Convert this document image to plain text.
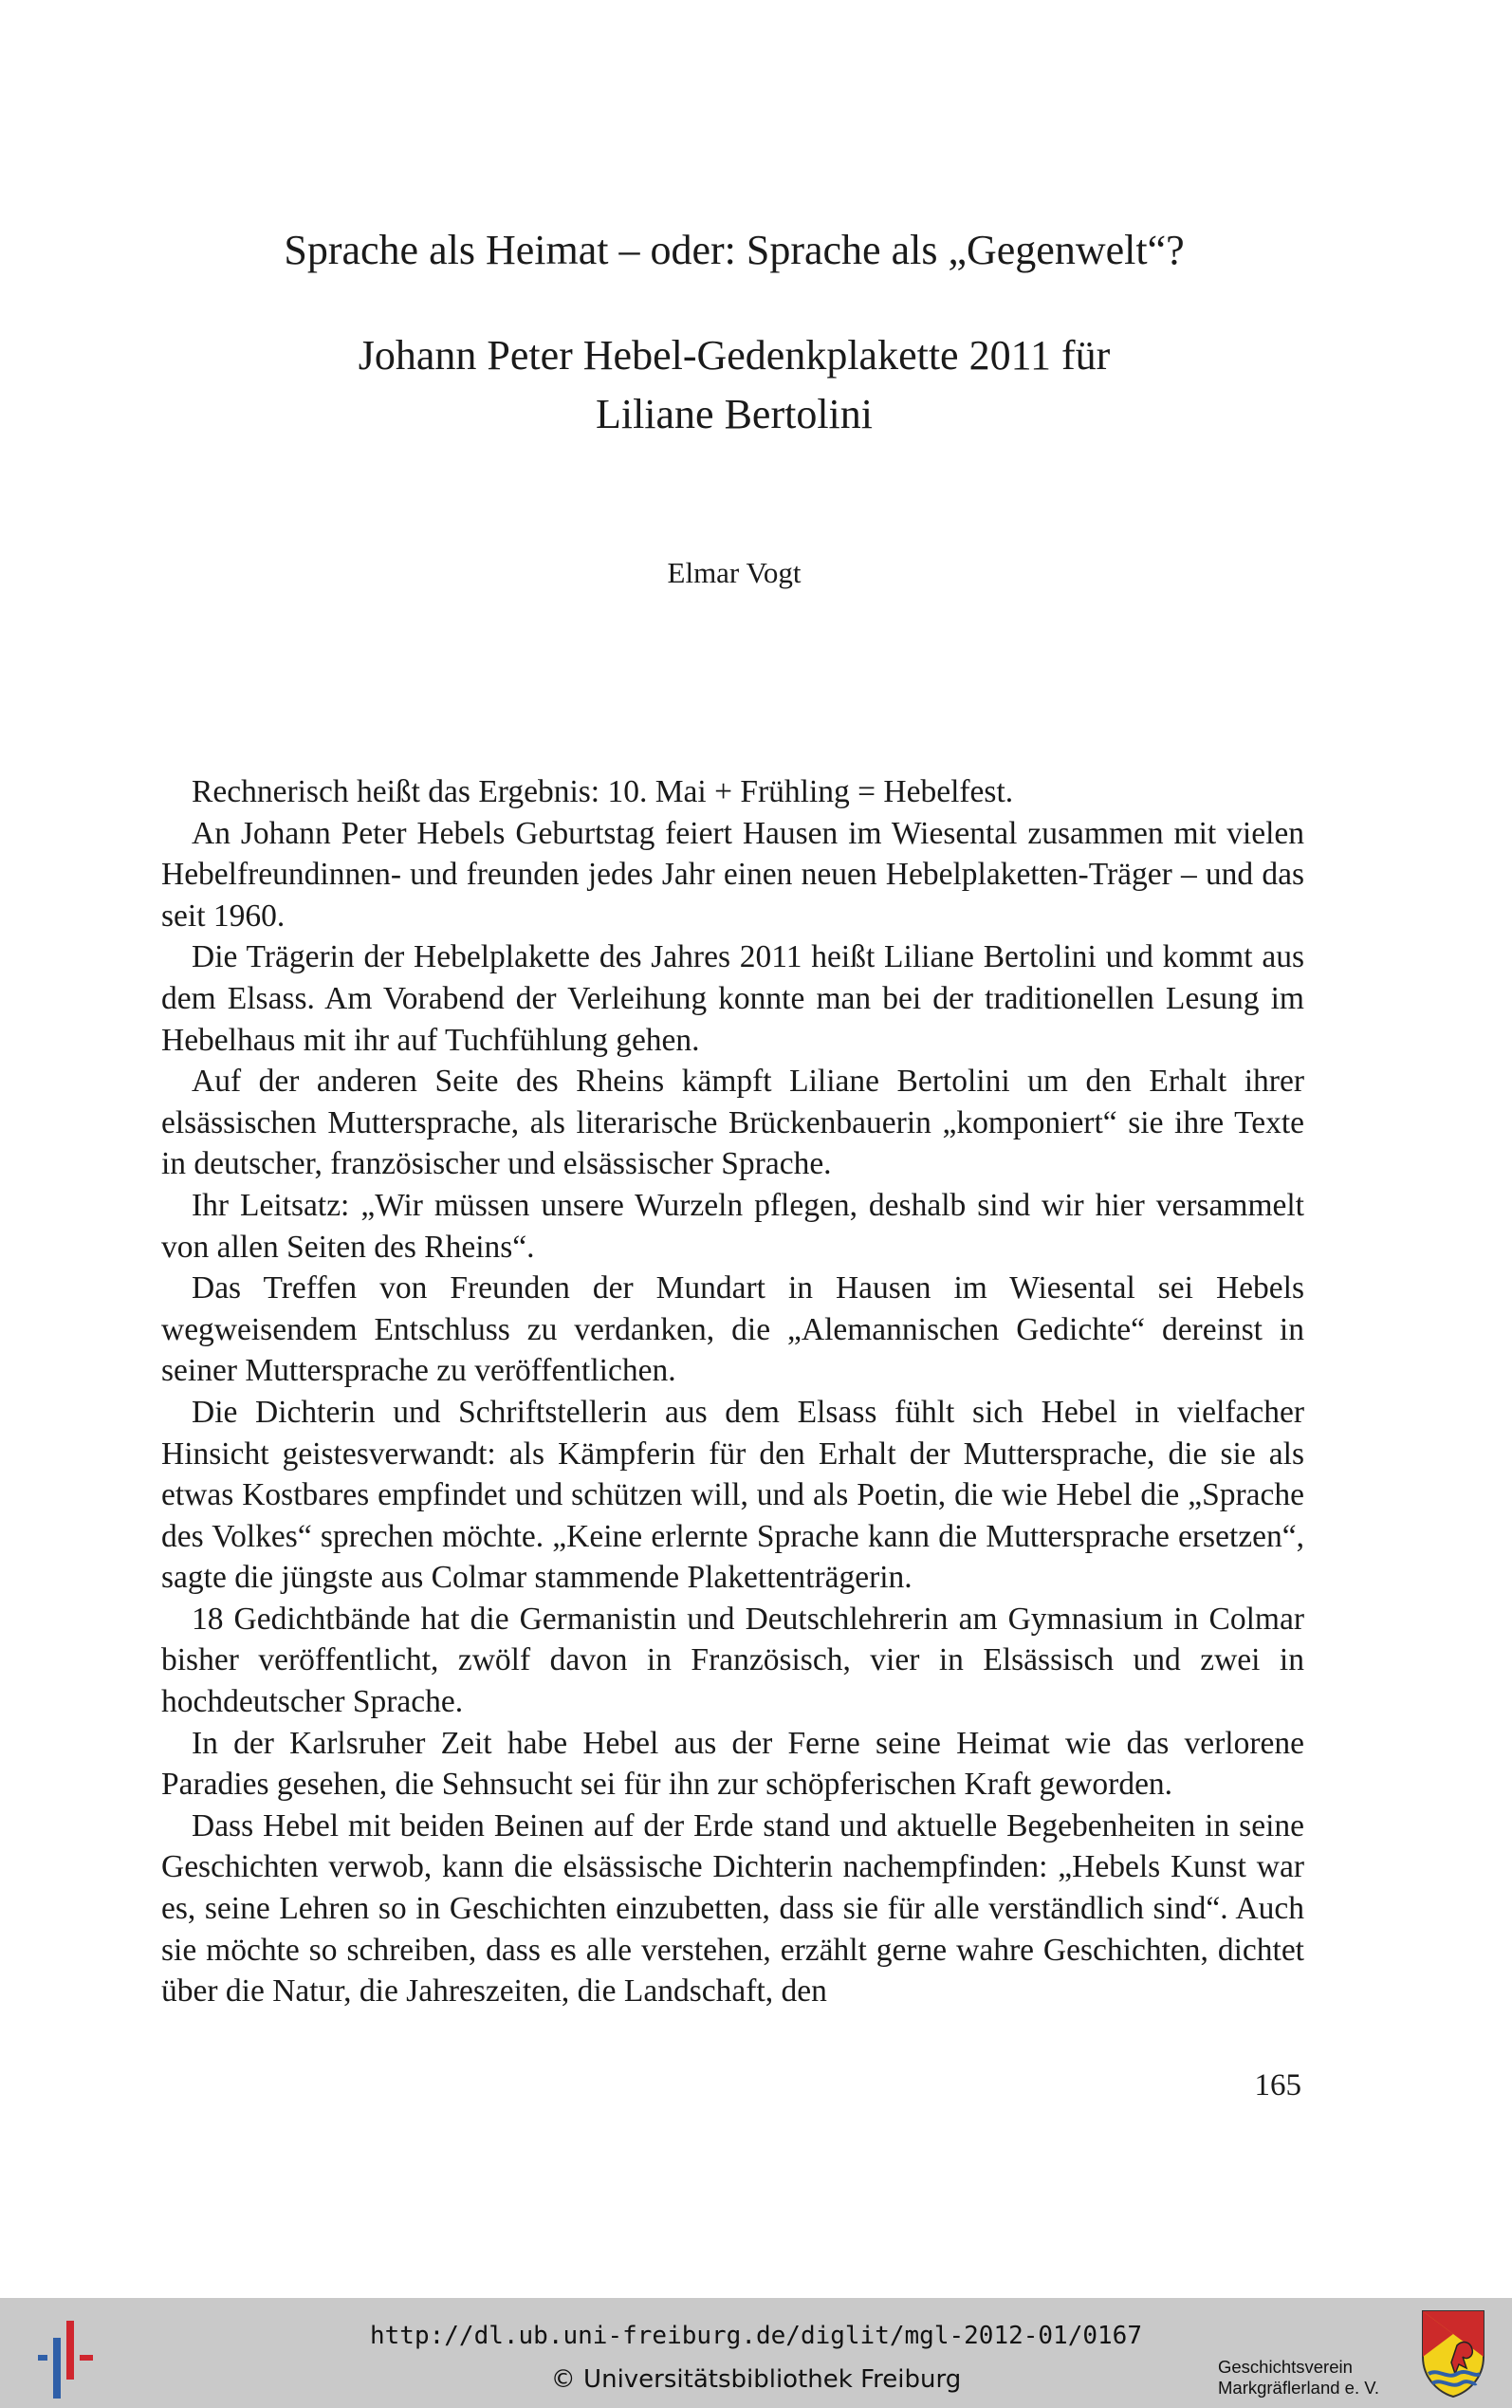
Sprache als Heimat – oder: Sprache als „Gegenwelt“?
Johann Peter Hebel-Gedenkplakette 2011 für
Liliane Bertolini
Elmar Vogt

Rechnerisch heißt das Ergebnis: 10. Mai + Frühling = Hebelfest.

An Johann Peter Hebels Geburtstag feiert Hausen im Wiesental zusammen mit vielen Hebelfreundinnen- und freunden jedes Jahr einen neuen Hebelplaketten-Träger – und das seit 1960.

Die Trägerin der Hebelplakette des Jahres 2011 heißt Liliane Bertolini und kommt aus dem Elsass. Am Vorabend der Verleihung konnte man bei der traditionellen Lesung im Hebelhaus mit ihr auf Tuchfühlung gehen.

Auf der anderen Seite des Rheins kämpft Liliane Bertolini um den Erhalt ihrer elsässischen Muttersprache, als literarische Brückenbauerin „komponiert“ sie ihre Texte in deutscher, französischer und elsässischer Sprache.

Ihr Leitsatz: „Wir müssen unsere Wurzeln pflegen, deshalb sind wir hier versammelt von allen Seiten des Rheins“.

Das Treffen von Freunden der Mundart in Hausen im Wiesental sei Hebels wegweisendem Entschluss zu verdanken, die „Alemannischen Gedichte“ dereinst in seiner Muttersprache zu veröffentlichen.

Die Dichterin und Schriftstellerin aus dem Elsass fühlt sich Hebel in vielfacher Hinsicht geistesverwandt: als Kämpferin für den Erhalt der Muttersprache, die sie als etwas Kostbares empfindet und schützen will, und als Poetin, die wie Hebel die „Sprache des Volkes“ sprechen möchte. „Keine erlernte Sprache kann die Muttersprache ersetzen“, sagte die jüngste aus Colmar stammende Plakettenträgerin.

18 Gedichtbände hat die Germanistin und Deutschlehrerin am Gymnasium in Colmar bisher veröffentlicht, zwölf davon in Französisch, vier in Elsässisch und zwei in hochdeutscher Sprache.

In der Karlsruher Zeit habe Hebel aus der Ferne seine Heimat wie das verlorene Paradies gesehen, die Sehnsucht sei für ihn zur schöpferischen Kraft geworden.

Dass Hebel mit beiden Beinen auf der Erde stand und aktuelle Begebenheiten in seine Geschichten verwob, kann die elsässische Dichterin nachempfinden: „Hebels Kunst war es, seine Lehren so in Geschichten einzubetten, dass sie für alle verständlich sind“. Auch sie möchte so schreiben, dass es alle verstehen, erzählt gerne wahre Geschichten, dichtet über die Natur, die Jahreszeiten, die Landschaft, den

165
http://dl.ub.uni-freiburg.de/diglit/mgl-2012-01/0167
© Universitätsbibliothek Freiburg	Geschichtsverein
Markgräflerland e. V.
